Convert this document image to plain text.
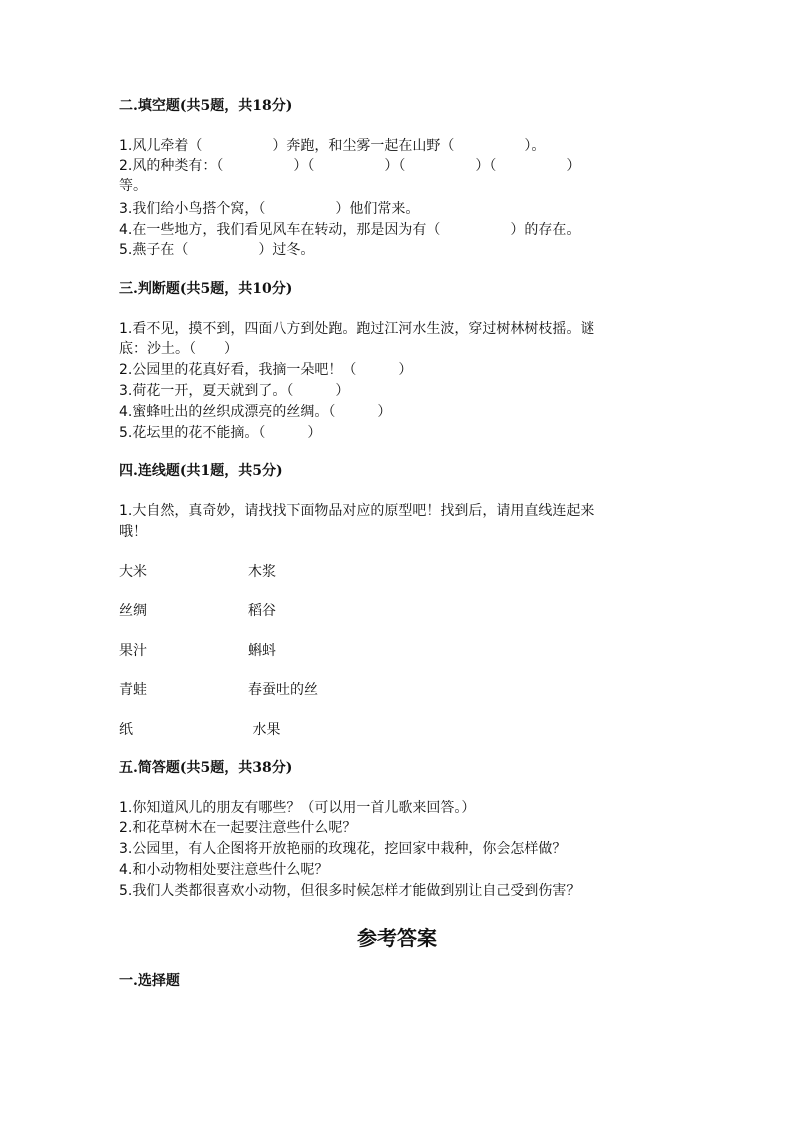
二.填空题(共5题，共18分)
1.风儿牵着（　　　　　）奔跑，和尘雾一起在山野（　　　　　）。
2.风的种类有：（　　　　　）（　　　　　）（　　　　　）（　　　　　）
等。
3.我们给小鸟搭个窝，（　　　　　）他们常来。
4.在一些地方，我们看见风车在转动，那是因为有（　　　　　）的存在。
5.燕子在（　　　　　）过冬。
三.判断题(共5题，共10分)
1.看不见，摸不到，四面八方到处跑。跑过江河水生波，穿过树林树枝摇。谜
底：沙土。（　　）
2.公园里的花真好看，我摘一朵吧！（　　　）
3.荷花一开，夏天就到了。（　　　）
4.蜜蜂吐出的丝织成漂亮的丝绸。（　　　）
5.花坛里的花不能摘。（　　　）
四.连线题(共1题，共5分)
1.大自然，真奇妙，请找找下面物品对应的原型吧！找到后，请用直线连起来
哦！
大米	木浆
丝绸	稻谷
果汁	蝌蚪
青蛙	春蚕吐的丝
纸	水果
五.简答题(共5题，共38分)
1.你知道风儿的朋友有哪些？（可以用一首儿歌来回答。）
2.和花草树木在一起要注意些什么呢？
3.公园里，有人企图将开放艳丽的玫瑰花，挖回家中栽种，你会怎样做？
4.和小动物相处要注意些什么呢？
5.我们人类都很喜欢小动物，但很多时候怎样才能做到别让自己受到伤害？
参考答案
一.选择题
